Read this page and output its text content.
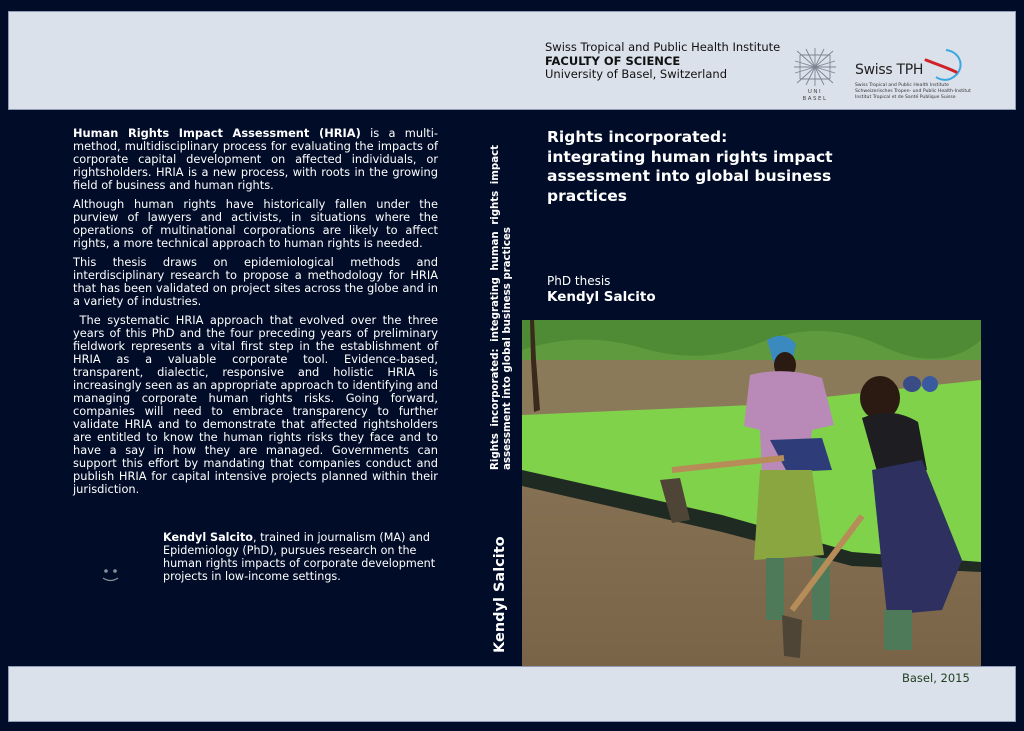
Swiss Tropical and Public Health Institute
FACULTY OF SCIENCE
University of Basel, Switzerland
UNI
BASEL
Swiss TPH
Swiss Tropical and Public Health Institute
Schweizerisches Tropen- und Public Health-Institut
Institut Tropical et de Santé Publique Suisse

Human Rights Impact Assessment (HRIA) is a multi-method, multidisciplinary process for evaluating the impacts of corporate capital development on affected individuals, or rightsholders. HRIA is a new process, with roots in the growing field of business and human rights.

Although human rights have historically fallen under the purview of lawyers and activists, in situations where the operations of multinational corporations are likely to affect rights, a more technical approach to human rights is needed.

This thesis draws on epidemiological methods and interdisciplinary research to propose a methodology for HRIA that has been validated on project sites across the globe and in a variety of industries.

The systematic HRIA approach that evolved over the three years of this PhD and the four preceding years of preliminary fieldwork represents a vital first step in the establishment of HRIA as a valuable corporate tool. Evidence-based, transparent, dialectic, responsive and holistic HRIA is increasingly seen as an appropriate approach to identifying and managing corporate human rights risks. Going forward, companies will need to embrace transparency to further validate HRIA and to demonstrate that affected rightsholders are entitled to know the human rights risks they face and to have a say in how they are managed. Governments can support this effort by mandating that companies conduct and publish HRIA for capital intensive projects planned within their jurisdiction.

Kendyl Salcito, trained in journalism (MA) and Epidemiology (PhD), pursues research on the human rights impacts of corporate development projects in low-income settings.	Kendyl Salcito
Rights incorporated: integrating human rights impact assessment into global business practices
Rights incorporated:
integrating human rights impact
assessment into global business
practices
PhD thesis
Kendyl Salcito
Basel, 2015
